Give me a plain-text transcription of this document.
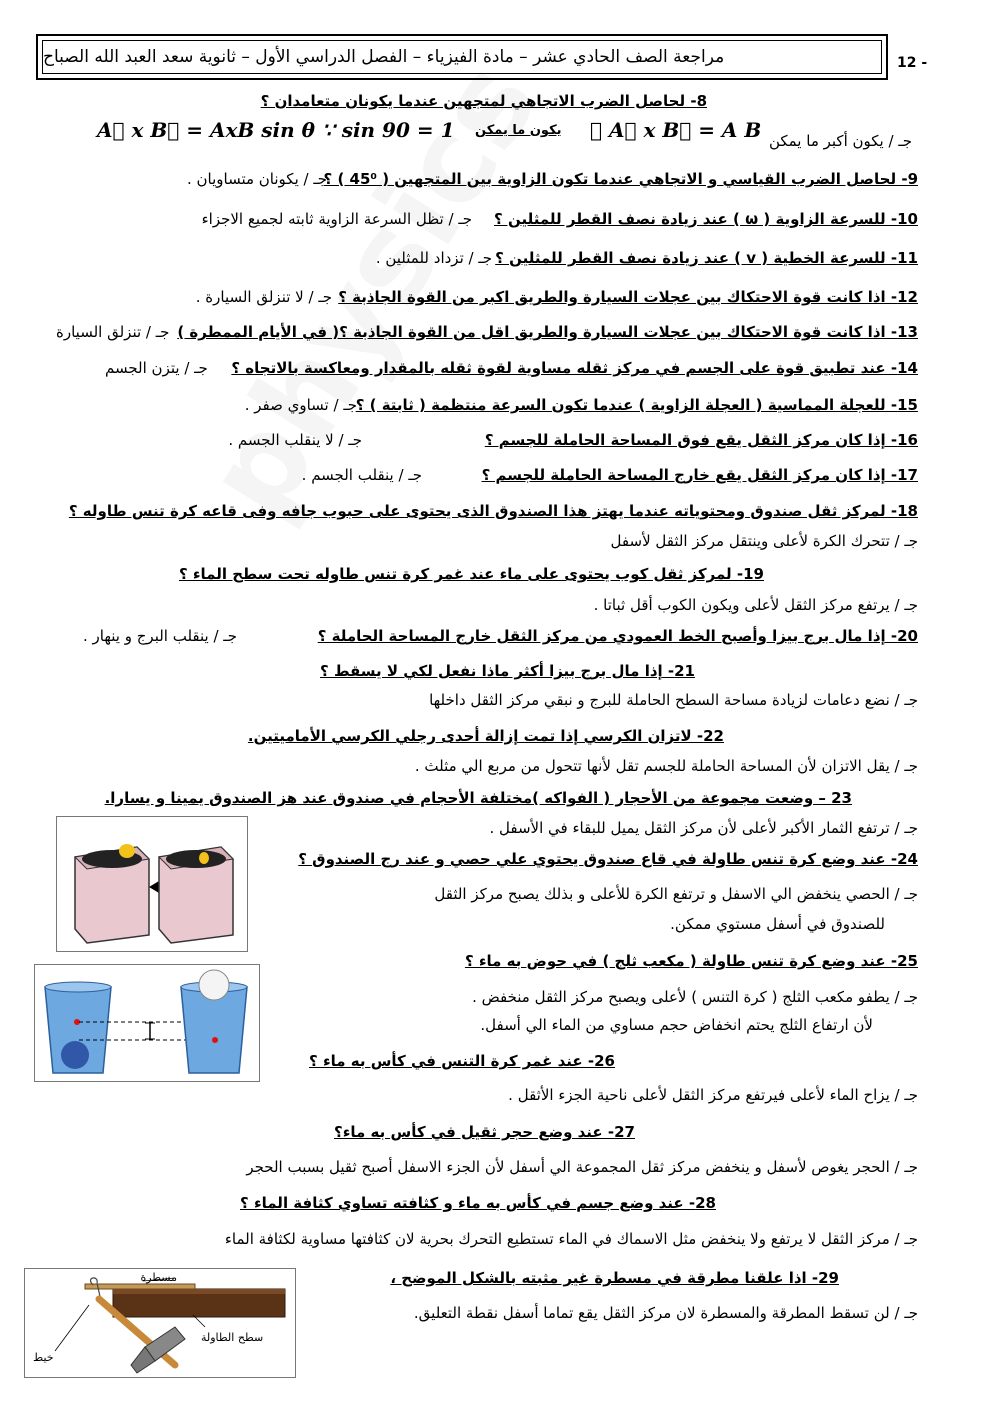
مراجعة الصف الحادي عشر – مادة الفيزياء – الفصل الدراسي الأول – ثانوية سعد العبد الله الصباح	12 -
8- لحاصل الضرب الاتجاهي لمتجهين عندما يكونان متعامدان ؟
A⃗ x B⃗ = AxB sin θ ∵ sin 90 = 1	∴ A⃗ x B⃗ = A B
يكون ما يمكن
جـ / يكون أكبر ما يمكن
9- لحاصل الضرب القياسي و الاتجاهي عندما تكون الزاوية بين المتجهين ( 45⁰ ) ؟
جـ / يكونان متساويان .
10- للسرعة الزاوية ( ω ) عند زيادة نصف القطر للمثلين ؟
جـ / تظل السرعة الزاوية ثابته لجميع الاجزاء
11- للسرعة الخطية ( v ) عند زيادة نصف القطر للمثلين ؟
جـ / تزداد للمثلين .
12- اذا كانت قوة الاحتكاك بين عجلات السيارة والطريق اكبر من القوة الجاذبة ؟
جـ / لا تنزلق السيارة .
13- اذا كانت قوة الاحتكاك بين عجلات السيارة والطريق اقل من القوة الجاذبة ؟( في الأيام الممطرة )
جـ / تنزلق السيارة
14- عند تطبيق قوة على الجسم في مركز ثقله مساوية لقوة ثقله بالمقدار ومعاكسة بالاتجاه ؟
جـ / يتزن الجسم
15- للعجلة المماسية ( العجلة الزاوية ) عندما تكون السرعة منتظمة ( ثابتة ) ؟
جـ / تساوي صفر .
16- إذا كان مركز الثقل يقع فوق المساحة الحاملة للجسم ؟
جـ / لا ينقلب الجسم .
17- إذا كان مركز الثقل يقع خارج المساحة الحاملة للجسم ؟
جـ / ينقلب الجسم .
18- لمركز ثقل صندوق ومحتوياته عندما يهتز هذا الصندوق الذى يحتوى على حبوب جافه وفى قاعه كرة تنس طاوله ؟
جـ / تتحرك الكرة لأعلى وينتقل مركز الثقل لأسفل
19- لمركز ثقل كوب يحتوى على ماء عند غمر كرة تنس طاوله تحت سطح الماء ؟
جـ / يرتفع مركز الثقل لأعلى ويكون الكوب أقل ثباتا .
20- إذا مال برج بيزا وأصبح الخط العمودي من مركز الثقل خارج المساحة الحاملة ؟
جـ / ينقلب البرج و ينهار .
21- إذا مال برج بيزا أكثر ماذا نفعل لكي لا يسقط ؟
جـ / نضع دعامات لزيادة مساحة السطح الحاملة للبرج و نبقي مركز الثقل داخلها
22- لاتزان الكرسي إذا تمت إزالة أحدى رجلي الكرسي الأماميتين.
جـ / يقل الاتزان لأن المساحة الحاملة للجسم تقل لأنها تتحول من مربع الي مثلث .
23 – وضعت مجموعة من الأحجار ( الفواكه )مختلفة الأحجام في صندوق عند هز الصندوق يمينا و يسارا.
جـ / ترتفع الثمار الأكبر لأعلى لأن مركز الثقل يميل للبقاء في الأسفل .
24- عند وضع كرة تنس طاولة في قاع صندوق يحتوي علي حصي و عند رج الصندوق ؟
جـ / الحصي ينخفض الي الاسفل و ترتفع الكرة للأعلى و بذلك يصبح مركز الثقل
للصندوق في أسفل مستوي ممكن.
25- عند وضع كرة تنس طاولة ( مكعب ثلج ) في حوض به ماء ؟
جـ / يطفو مكعب الثلج ( كرة التنس ) لأعلى ويصبح مركز الثقل منخفض .
لأن ارتفاع الثلج يحتم انخفاض حجم مساوي من الماء الي أسفل.
26- عند غمر كرة التنس في كأس به ماء ؟
جـ / يزاح الماء لأعلى فيرتفع مركز الثقل لأعلى ناحية الجزء الأثقل .
27- عند وضع حجر ثقيل في كأس به ماء؟
جـ / الحجر يغوص لأسفل و ينخفض مركز ثقل المجموعة الي أسفل لأن الجزء الاسفل أصبح ثقيل بسبب الحجر
28- عند وضع جسم في كأس به ماء و كثافته تساوي كثافة الماء ؟
جـ / مركز الثقل لا يرتفع ولا ينخفض مثل الاسماك في الماء تستطيع التحرك بحرية لان كثافتها مساوية لكثافة الماء
مسطرة
خيط
سطح الطاولة
29- اذا علقنا مطرقة في مسطرة غير مثبته بالشكل الموضح ،
جـ / لن تسقط المطرقة والمسطرة لان مركز الثقل يقع تماما أسفل نقطة التعليق.
